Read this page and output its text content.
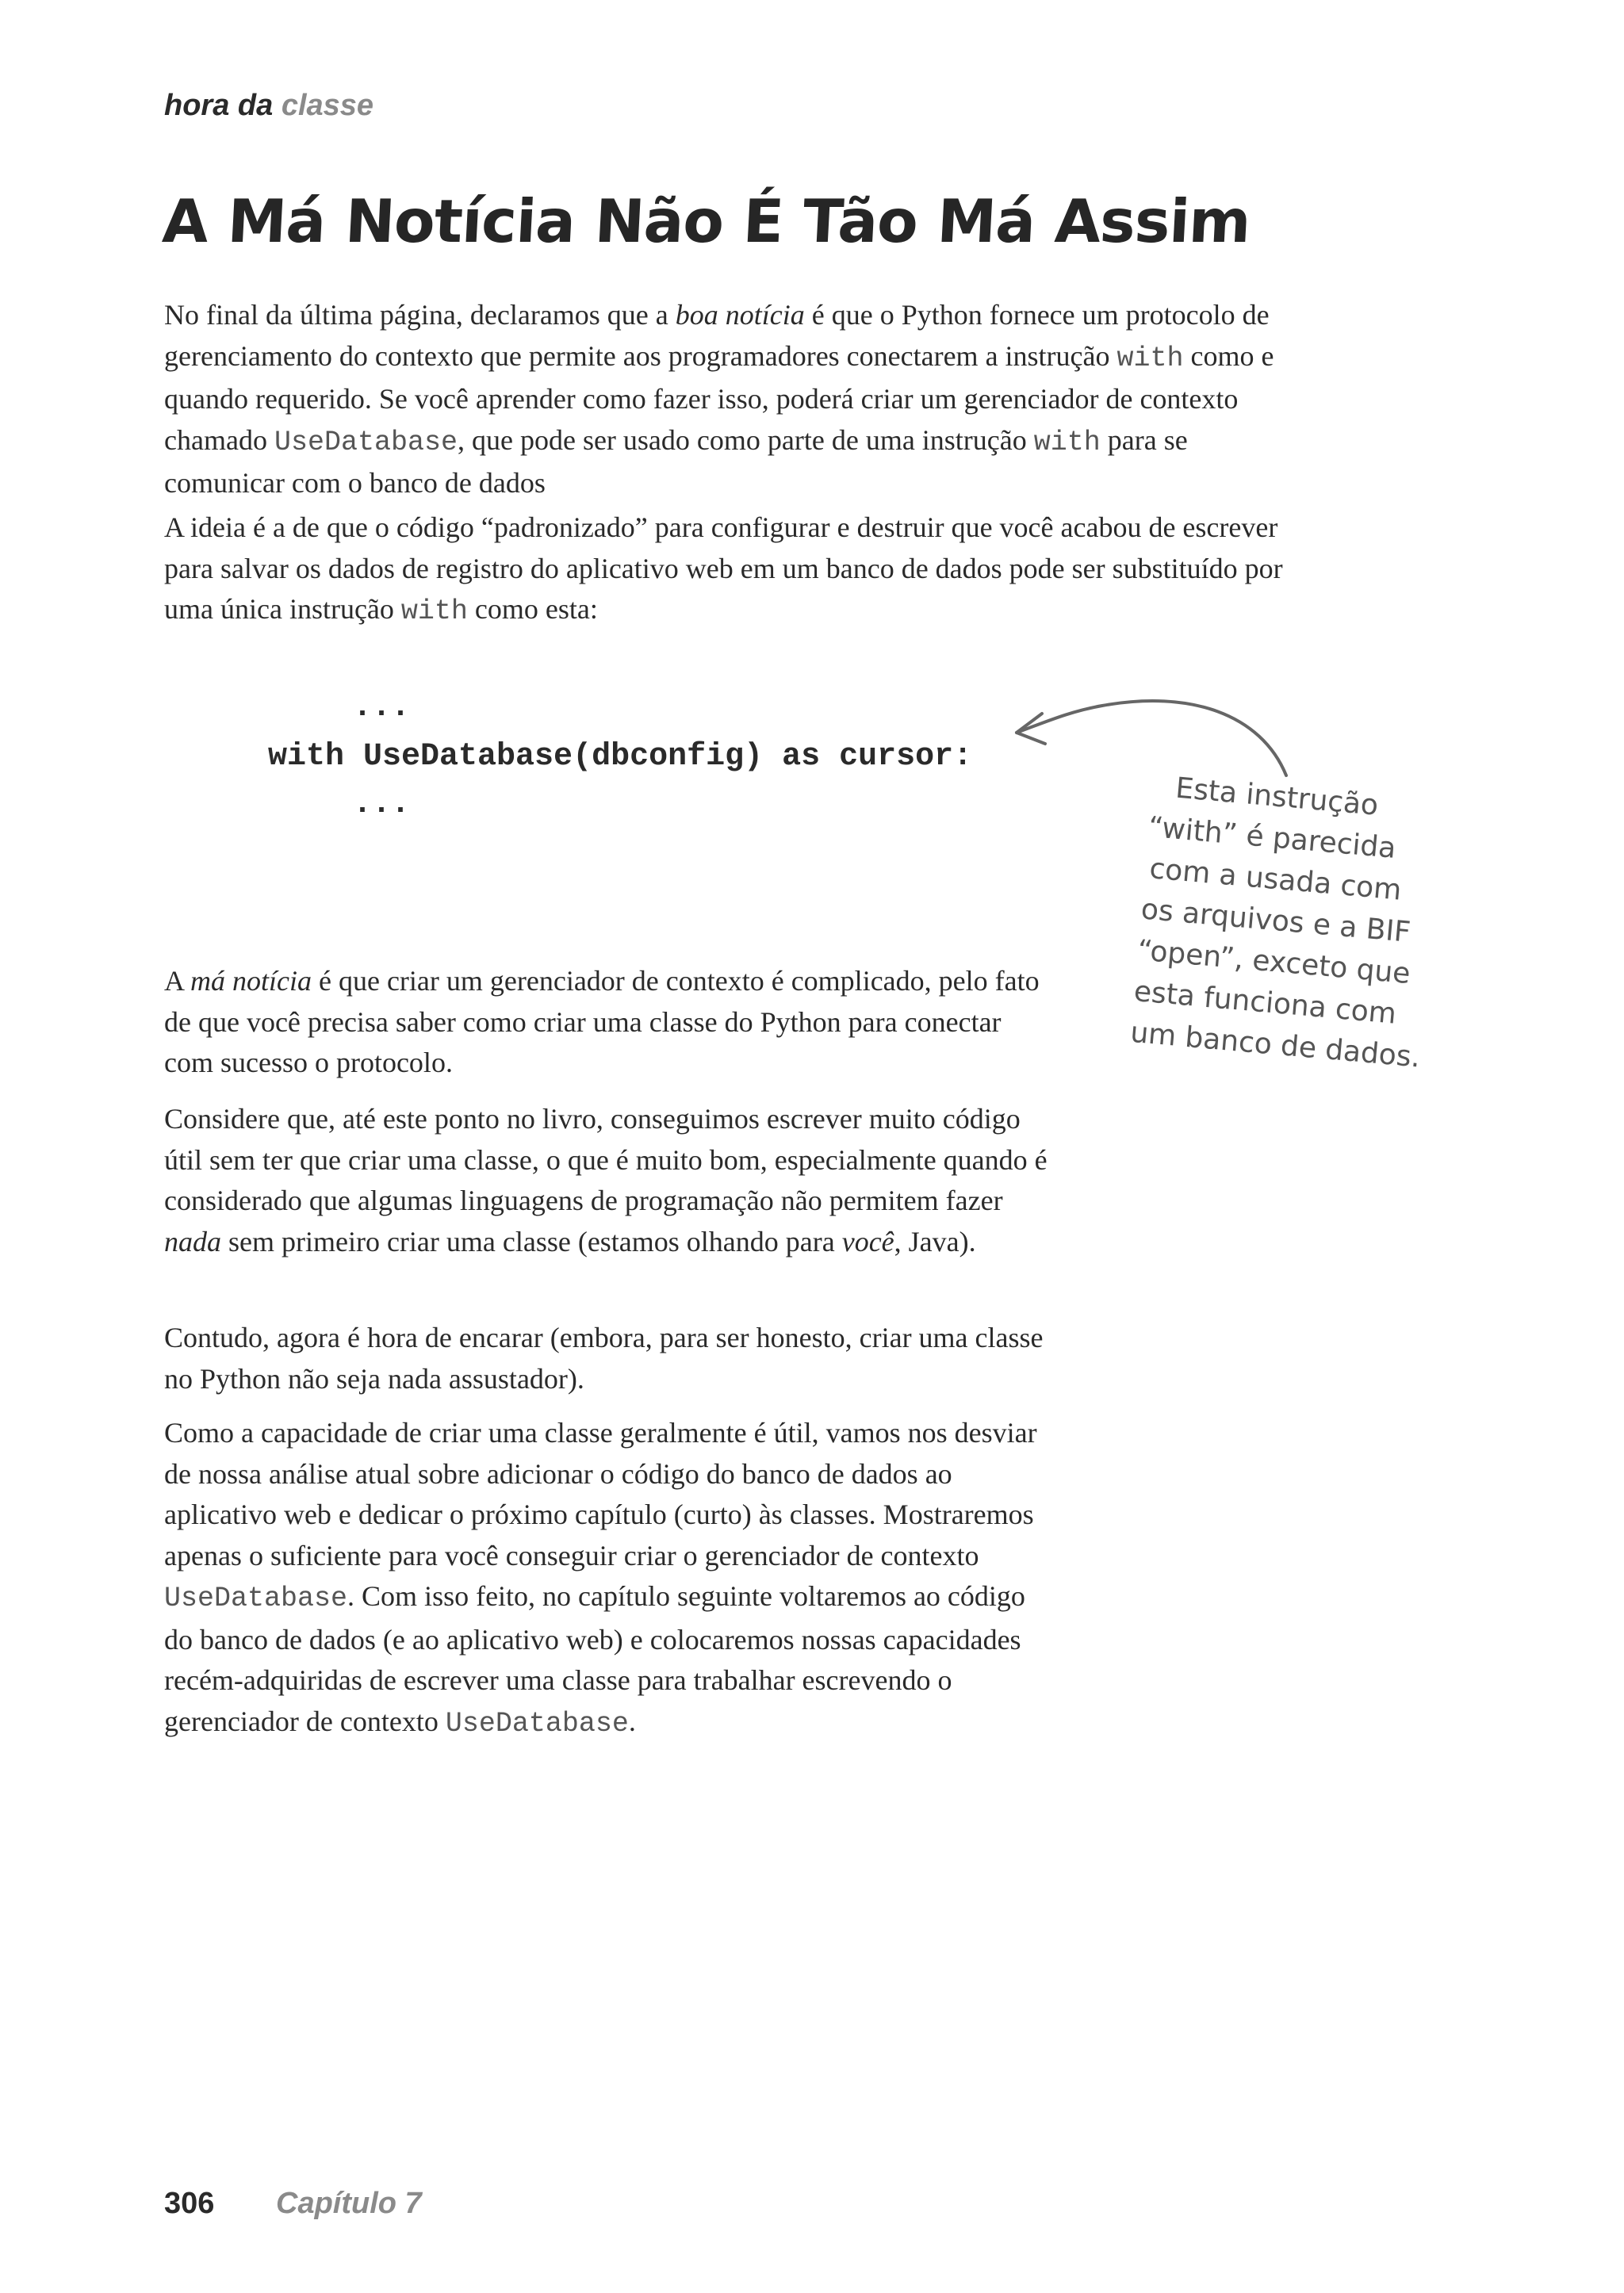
hora da classe
A Má Notícia Não É Tão Má Assim

No final da última página, declaramos que a boa notícia é que o Python fornece um protocolo de gerenciamento do contexto que permite aos programadores conectarem a instrução with como e quando requerido. Se você aprender como fazer isso, poderá criar um gerenciador de contexto chamado UseDatabase, que pode ser usado como parte de uma instrução with para se comunicar com o banco de dados

A ideia é a de que o código “padronizado” para configurar e destruir que você acabou de escrever para salvar os dados de registro do aplicativo web em um banco de dados pode ser substituído por uma única instrução with como esta:

...
with UseDatabase(dbconfig) as cursor:
...	Esta instrução
“with” é parecida
com a usada com
os arquivos e a BIF
“open”, exceto que
esta funciona com
um banco de dados.

A má notícia é que criar um gerenciador de contexto é complicado, pelo fato de que você precisa saber como criar uma classe do Python para conectar com sucesso o protocolo.

Considere que, até este ponto no livro, conseguimos escrever muito código útil sem ter que criar uma classe, o que é muito bom, especialmente quando é considerado que algumas linguagens de programação não permitem fazer nada sem primeiro criar uma classe (estamos olhando para você, Java).

Contudo, agora é hora de encarar (embora, para ser honesto, criar uma classe no Python não seja nada assustador).

Como a capacidade de criar uma classe geralmente é útil, vamos nos desviar de nossa análise atual sobre adicionar o código do banco de dados ao aplicativo web e dedicar o próximo capítulo (curto) às classes. Mostraremos apenas o suficiente para você conseguir criar o gerenciador de contexto UseDatabase. Com isso feito, no capítulo seguinte voltaremos ao código do banco de dados (e ao aplicativo web) e colocaremos nossas capacidades recém-adquiridas de escrever uma classe para trabalhar escrevendo o gerenciador de contexto UseDatabase.

306 Capítulo 7
